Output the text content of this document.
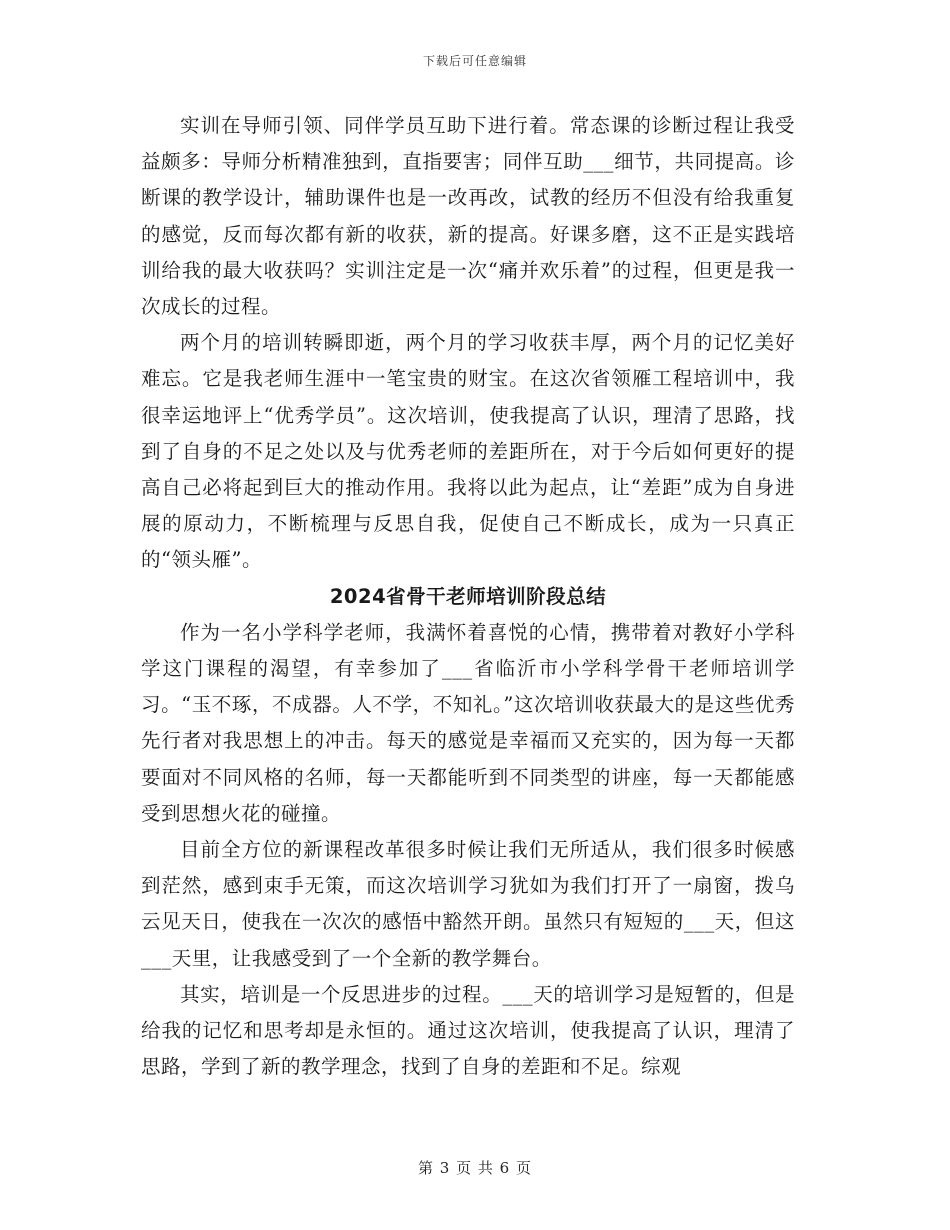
下载后可任意编辑

实训在导师引领、同伴学员互助下进行着。常态课的诊断过程让我受益颇多：导师分析精准独到，直指要害；同伴互助___细节，共同提高。诊断课的教学设计，辅助课件也是一改再改，试教的经历不但没有给我重复的感觉，反而每次都有新的收获，新的提高。好课多磨，这不正是实践培训给我的最大收获吗？实训注定是一次“痛并欢乐着”的过程，但更是我一次成长的过程。

两个月的培训转瞬即逝，两个月的学习收获丰厚，两个月的记忆美好难忘。它是我老师生涯中一笔宝贵的财宝。在这次省领雁工程培训中，我很幸运地评上“优秀学员”。这次培训，使我提高了认识，理清了思路，找到了自身的不足之处以及与优秀老师的差距所在，对于今后如何更好的提高自己必将起到巨大的推动作用。我将以此为起点，让“差距”成为自身进展的原动力，不断梳理与反思自我，促使自己不断成长，成为一只真正的“领头雁”。

2024省骨干老师培训阶段总结

作为一名小学科学老师，我满怀着喜悦的心情，携带着对教好小学科学这门课程的渴望，有幸参加了___省临沂市小学科学骨干老师培训学习。“玉不琢，不成器。人不学，不知礼。”这次培训收获最大的是这些优秀先行者对我思想上的冲击。每天的感觉是幸福而又充实的，因为每一天都要面对不同风格的名师，每一天都能听到不同类型的讲座，每一天都能感受到思想火花的碰撞。

目前全方位的新课程改革很多时候让我们无所适从，我们很多时候感到茫然，感到束手无策，而这次培训学习犹如为我们打开了一扇窗，拨乌云见天日，使我在一次次的感悟中豁然开朗。虽然只有短短的___天，但这___天里，让我感受到了一个全新的教学舞台。

其实，培训是一个反思进步的过程。___天的培训学习是短暂的，但是给我的记忆和思考却是永恒的。通过这次培训，使我提高了认识，理清了思路，学到了新的教学理念，找到了自身的差距和不足。综观

第 3 页 共 6 页
